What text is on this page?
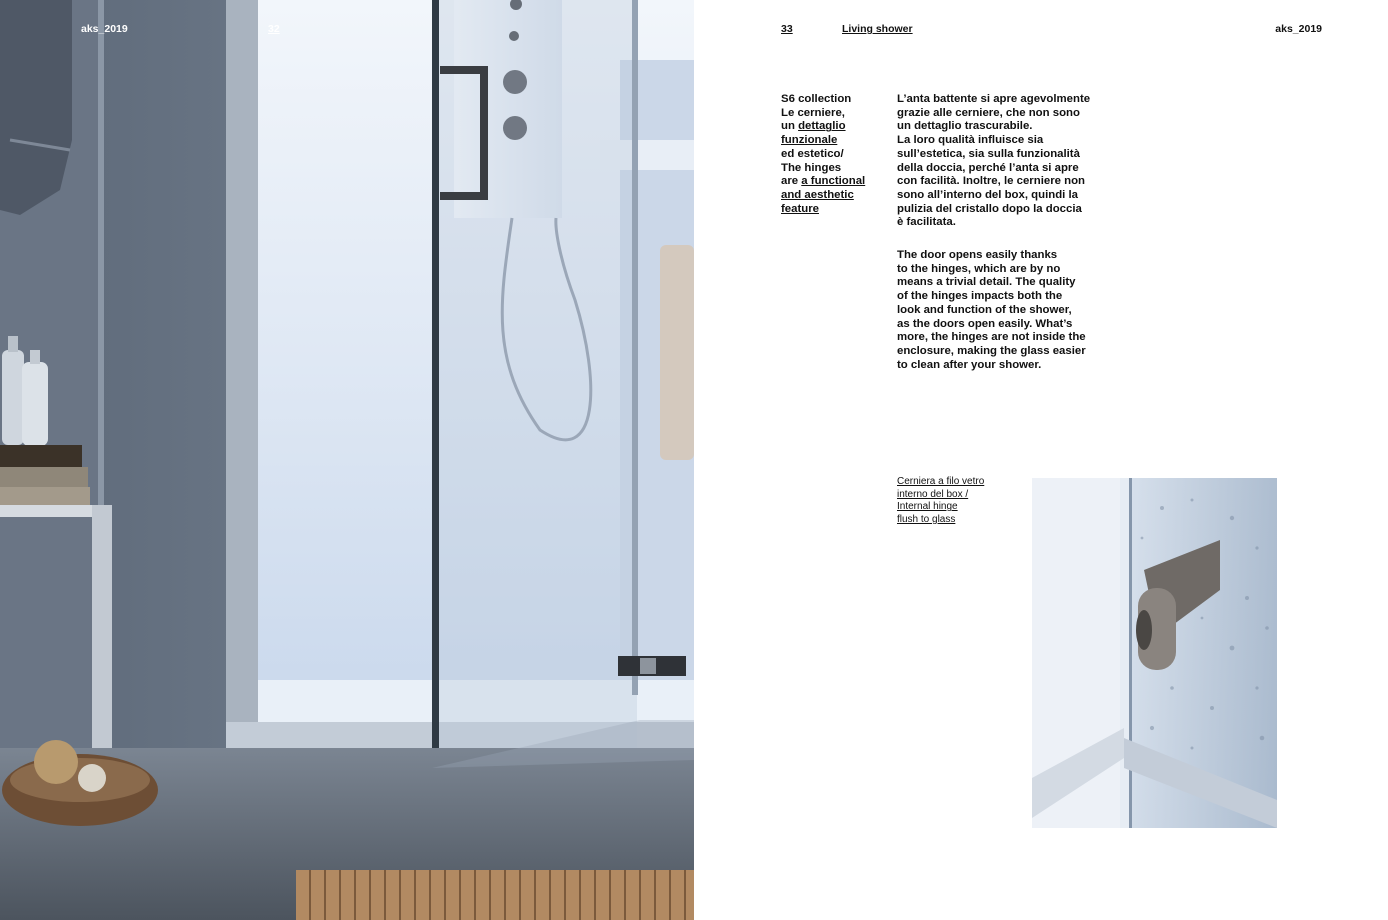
aks_2019	32	33	Living shower	aks_2019
S6 collection
Le cerniere,
un dettaglio
funzionale
ed estetico/
The hinges
are a functional
and aesthetic
feature
L’anta battente si apre agevolmente
grazie alle cerniere, che non sono
un dettaglio trascurabile.
La loro qualità influisce sia
sull’estetica, sia sulla funzionalità
della doccia, perché l’anta si apre
con facilità. Inoltre, le cerniere non
sono all’interno del box, quindi la
pulizia del cristallo dopo la doccia
è facilitata.
The door opens easily thanks
to the hinges, which are by no
means a trivial detail. The quality
of the hinges impacts both the
look and function of the shower,
as the doors open easily. What’s
more, the hinges are not inside the
enclosure, making the glass easier
to clean after your shower.
Cerniera a filo vetro
interno del box /
Internal hinge
flush to glass
